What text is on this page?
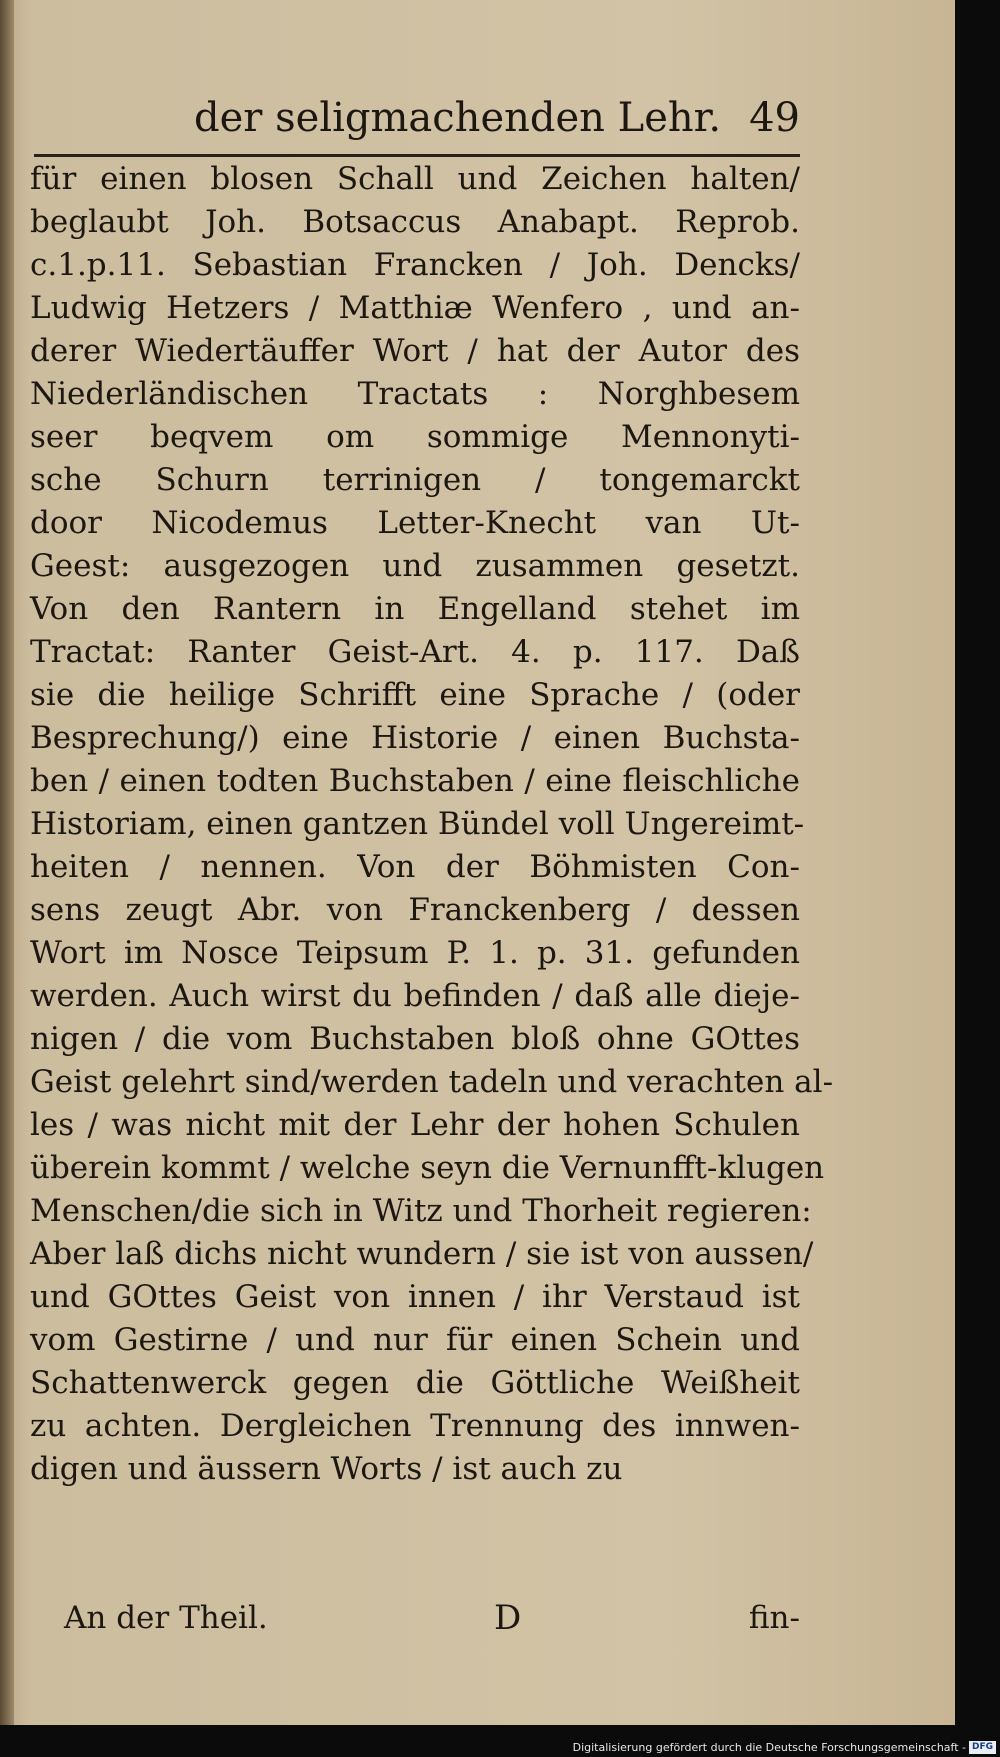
der seligmachenden Lehr. 49
für einen blosen Schall und Zeichen halten/
beglaubt Joh. Botsaccus Anabapt. Reprob.
c.1.p.11. Sebastian Francken / Joh. Dencks/
Ludwig Hetzers / Matthiæ Wenfero , und an-
derer Wiedertäuffer Wort / hat der Autor des
Niederländischen Tractats : Norghbesem
seer beqvem om sommige Mennonyti-
sche Schurn terrinigen / tongemarckt
door Nicodemus Letter-Knecht van Ut-
Geest: ausgezogen und zusammen gesetzt.
Von den Rantern in Engelland stehet im
Tractat: Ranter Geist-Art. 4. p. 117. Daß
sie die heilige Schrifft eine Sprache / (oder
Besprechung/) eine Historie / einen Buchsta-
ben / einen todten Buchstaben / eine fleischliche
Historiam, einen gantzen Bündel voll Ungereimt-
heiten / nennen. Von der Böhmisten Con-
sens zeugt Abr. von Franckenberg / dessen
Wort im Nosce Teipsum P. 1. p. 31. gefunden
werden. Auch wirst du befinden / daß alle dieje-
nigen / die vom Buchstaben bloß ohne GOttes
Geist gelehrt sind/werden tadeln und verachten al-
les / was nicht mit der Lehr der hohen Schulen
überein kommt / welche seyn die Vernunfft-klugen
Menschen/die sich in Witz und Thorheit regieren:
Aber laß dichs nicht wundern / sie ist von aussen/
und GOttes Geist von innen / ihr Verstaud ist
vom Gestirne / und nur für einen Schein und
Schattenwerck gegen die Göttliche Weißheit
zu achten. Dergleichen Trennung des innwen-
digen und äussern Worts / ist auch zu
An der Theil.	D	fin-
Digitalisierung gefördert durch die Deutsche Forschungsgemeinschaft - DFG
